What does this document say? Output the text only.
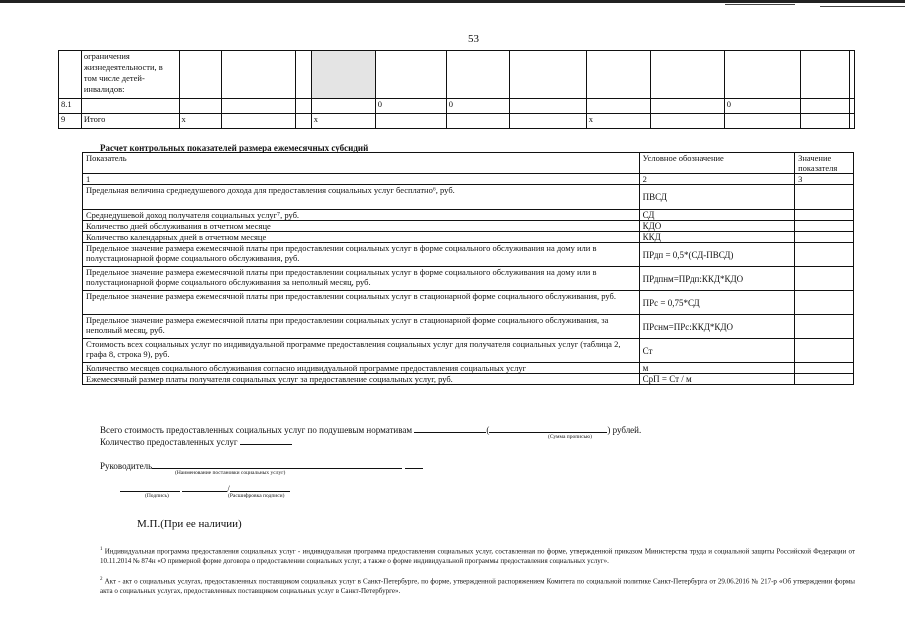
53
	ограничения жизнедеятельности, в том числе детей-инвалидов:												
8.1						0	0				0		
9	Итого	х			х				х				
Расчет контрольных показателей размера ежемесячных субсидий
Показатель	Условное обозначение	Значение показателя
1	2	3
Предельная величина среднедушевого дохода для предоставления социальных услуг бесплатно⁶, руб.	ПВСД	
Среднедушевой доход получателя социальных услуг⁷, руб.	СД	
Количество дней обслуживания в отчетном месяце	КДО	
Количество календарных дней в отчетном месяце	ККД	
Предельное значение размера ежемесячной платы при предоставлении социальных услуг в форме социального обслуживания на дому или в полустационарной форме социального обслуживания, руб.	ПРдп = 0,5*(СД-ПВСД)	
Предельное значение размера ежемесячной платы при предоставлении социальных услуг в форме социального обслуживания на дому или в полустационарной форме социального обслуживания за неполный месяц, руб.	ПРдпнм=ПРдп:ККД*КДО	
Предельное значение размера ежемесячной платы при предоставлении социальных услуг в стационарной форме социального обслуживания, руб.	ПРс = 0,75*СД	
Предельное значение размера ежемесячной платы при предоставлении социальных услуг в стационарной форме социального обслуживания, за неполный месяц, руб.	ПРснм=ПРс:ККД*КДО	
Стоимость всех социальных услуг по индивидуальной программе предоставления социальных услуг для получателя социальных услуг (таблица 2, графа 8, строка 9), руб.	Ст	
Количество месяцев социального обслуживания согласно индивидуальной программе предоставления социальных услуг	м	
Ежемесячный размер платы получателя социальных услуг за предоставление социальных услуг, руб.	СрП = Ст / м	
Всего стоимость предоставленных социальных услуг по подушевым нормативам	(	) рублей.
(Сумма прописью)
Количество предоставленных услуг
Руководитель
(Наименование постановки социальных услуг)
/
(Подпись)	(Расшифровка подписи)
М.П.(При ее наличии)
$^1$ Индивидуальная программа предоставления социальных услуг - индивидуальная программа предоставления социальных услуг, составленная по форме, утвержденной приказом Министерства труда и социальной защиты Российской Федерации от 10.11.2014 № 874н «О примерной форме договора о предоставлении социальных услуг, а также о форме индивидуальной программы предоставления социальных услуг».
$^2$ Акт - акт о социальных услугах, предоставленных поставщиком социальных услуг в Санкт-Петербурге, по форме, утвержденной распоряжением Комитета по социальной политике Санкт-Петербурга от 29.06.2016 № 217-р «Об утверждении формы акта о социальных услугах, предоставленных поставщиком социальных услуг в Санкт-Петербурге».
